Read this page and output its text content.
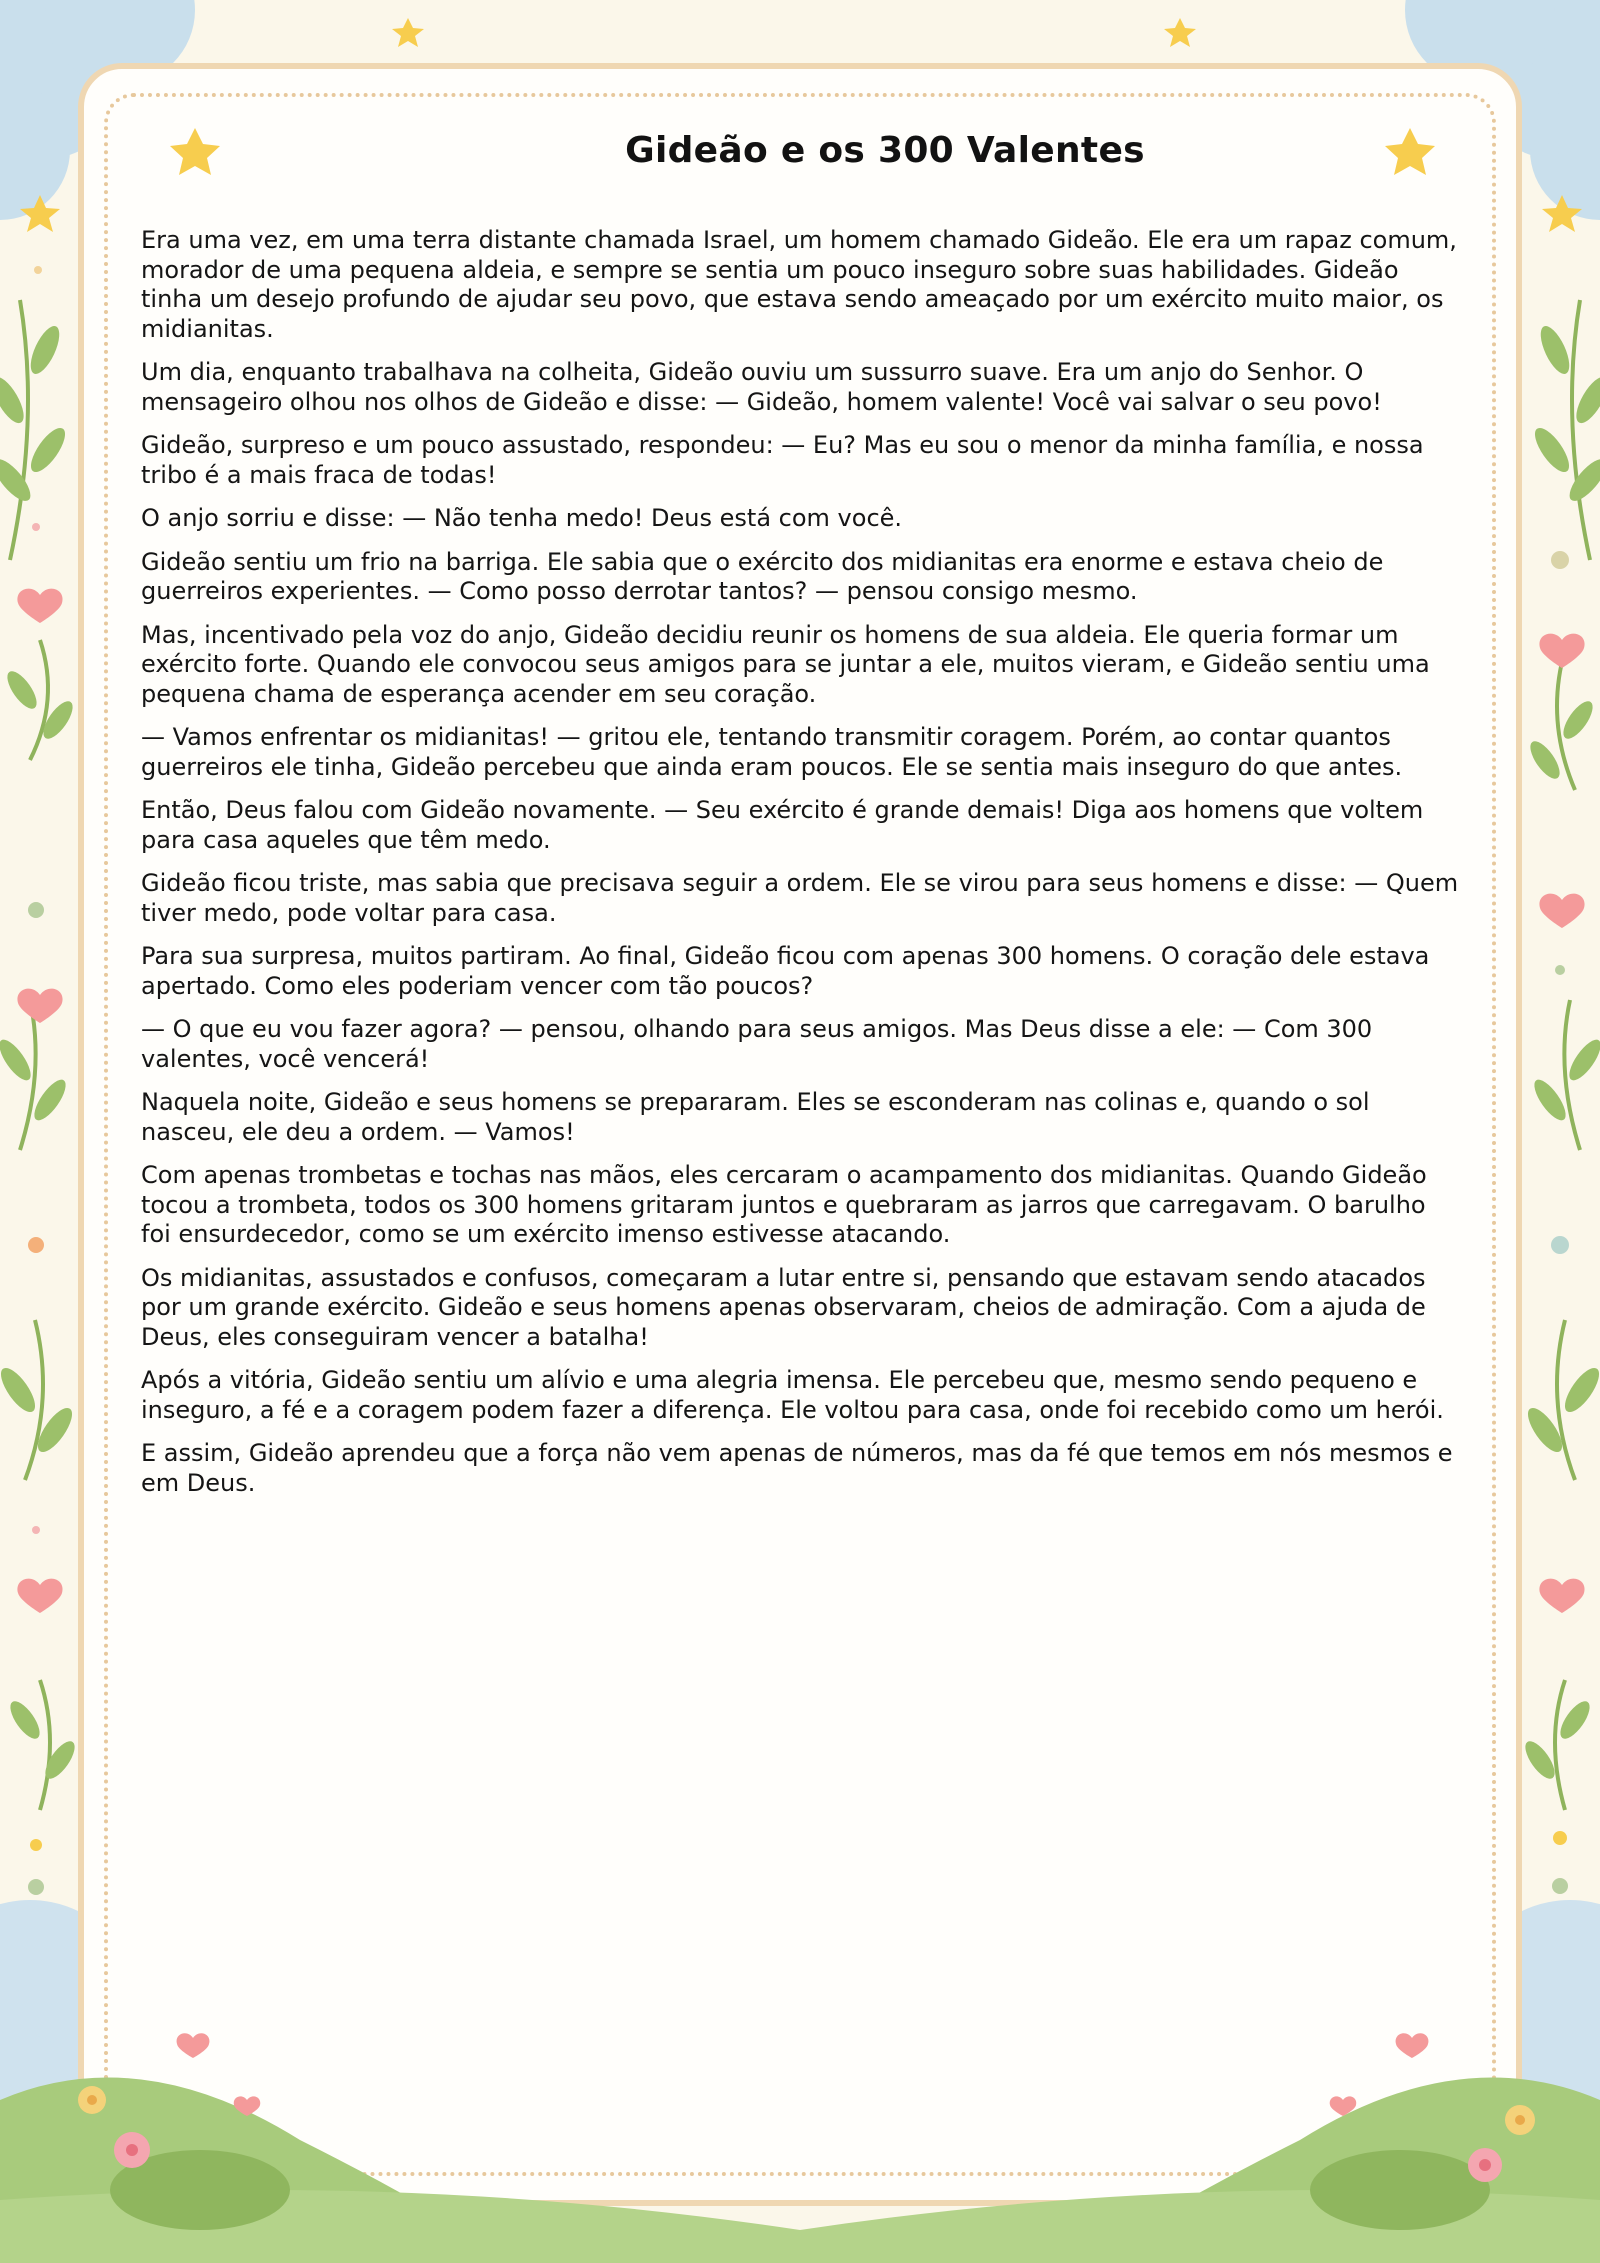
Gideão e os 300 Valentes

Era uma vez, em uma terra distante chamada Israel, um homem chamado Gideão. Ele era um rapaz comum, morador de uma pequena aldeia, e sempre se sentia um pouco inseguro sobre suas habilidades. Gideão tinha um desejo profundo de ajudar seu povo, que estava sendo ameaçado por um exército muito maior, os midianitas.

Um dia, enquanto trabalhava na colheita, Gideão ouviu um sussurro suave. Era um anjo do Senhor. O mensageiro olhou nos olhos de Gideão e disse: — Gideão, homem valente! Você vai salvar o seu povo!

Gideão, surpreso e um pouco assustado, respondeu: — Eu? Mas eu sou o menor da minha família, e nossa tribo é a mais fraca de todas!

O anjo sorriu e disse: — Não tenha medo! Deus está com você.

Gideão sentiu um frio na barriga. Ele sabia que o exército dos midianitas era enorme e estava cheio de guerreiros experientes. — Como posso derrotar tantos? — pensou consigo mesmo.

Mas, incentivado pela voz do anjo, Gideão decidiu reunir os homens de sua aldeia. Ele queria formar um exército forte. Quando ele convocou seus amigos para se juntar a ele, muitos vieram, e Gideão sentiu uma pequena chama de esperança acender em seu coração.

— Vamos enfrentar os midianitas! — gritou ele, tentando transmitir coragem. Porém, ao contar quantos guerreiros ele tinha, Gideão percebeu que ainda eram poucos. Ele se sentia mais inseguro do que antes.

Então, Deus falou com Gideão novamente. — Seu exército é grande demais! Diga aos homens que voltem para casa aqueles que têm medo.

Gideão ficou triste, mas sabia que precisava seguir a ordem. Ele se virou para seus homens e disse: — Quem tiver medo, pode voltar para casa.

Para sua surpresa, muitos partiram. Ao final, Gideão ficou com apenas 300 homens. O coração dele estava apertado. Como eles poderiam vencer com tão poucos?

— O que eu vou fazer agora? — pensou, olhando para seus amigos. Mas Deus disse a ele: — Com 300 valentes, você vencerá!

Naquela noite, Gideão e seus homens se prepararam. Eles se esconderam nas colinas e, quando o sol nasceu, ele deu a ordem. — Vamos!

Com apenas trombetas e tochas nas mãos, eles cercaram o acampamento dos midianitas. Quando Gideão tocou a trombeta, todos os 300 homens gritaram juntos e quebraram as jarros que carregavam. O barulho foi ensurdecedor, como se um exército imenso estivesse atacando.

Os midianitas, assustados e confusos, começaram a lutar entre si, pensando que estavam sendo atacados por um grande exército. Gideão e seus homens apenas observaram, cheios de admiração. Com a ajuda de Deus, eles conseguiram vencer a batalha!

Após a vitória, Gideão sentiu um alívio e uma alegria imensa. Ele percebeu que, mesmo sendo pequeno e inseguro, a fé e a coragem podem fazer a diferença. Ele voltou para casa, onde foi recebido como um herói.

E assim, Gideão aprendeu que a força não vem apenas de números, mas da fé que temos em nós mesmos e em Deus.
